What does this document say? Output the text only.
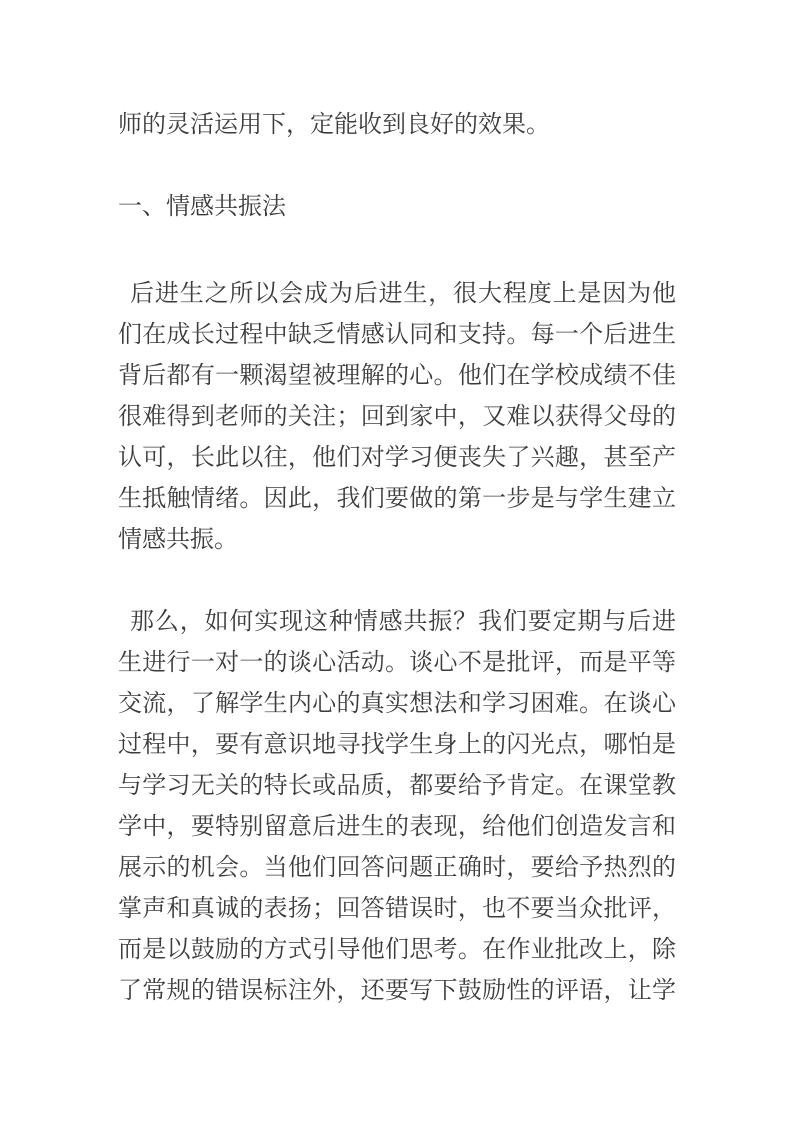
师的灵活运用下，定能收到良好的效果。

一、情感共振法
后进生之所以会成为后进生，很大程度上是因为他
们在成长过程中缺乏情感认同和支持。每一个后进生
背后都有一颗渴望被理解的心。他们在学校成绩不佳
很难得到老师的关注；回到家中，又难以获得父母的
认可，长此以往，他们对学习便丧失了兴趣，甚至产
生抵触情绪。因此，我们要做的第一步是与学生建立
情感共振。
那么，如何实现这种情感共振？我们要定期与后进
生进行一对一的谈心活动。谈心不是批评，而是平等
交流，了解学生内心的真实想法和学习困难。在谈心
过程中，要有意识地寻找学生身上的闪光点，哪怕是
与学习无关的特长或品质，都要给予肯定。在课堂教
学中，要特别留意后进生的表现，给他们创造发言和
展示的机会。当他们回答问题正确时，要给予热烈的
掌声和真诚的表扬；回答错误时，也不要当众批评，
而是以鼓励的方式引导他们思考。在作业批改上，除
了常规的错误标注外，还要写下鼓励性的评语，让学
